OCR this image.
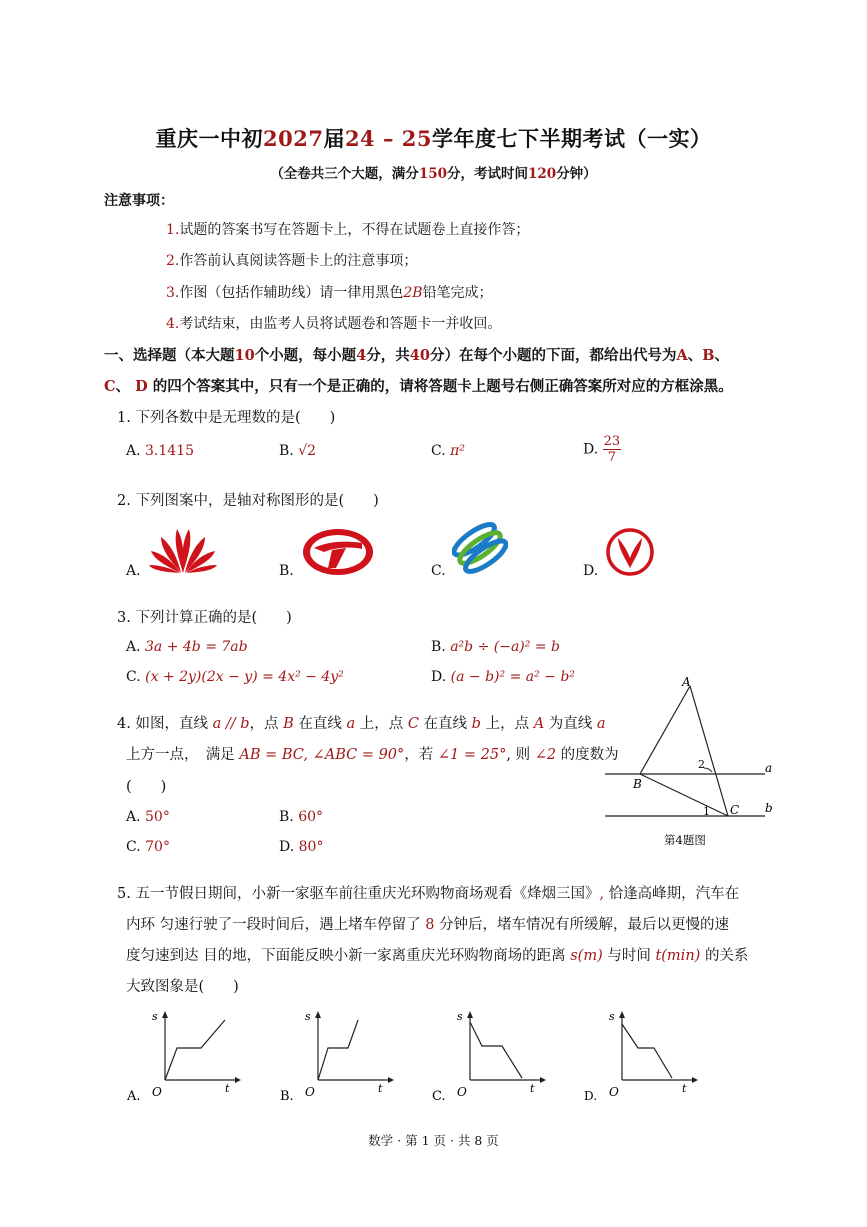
重庆一中初2027届24 – 25学年度七下半期考试（一实）
（全卷共三个大题，满分150分，考试时间120分钟）
注意事项：
1.试题的答案书写在答题卡上，不得在试题卷上直接作答；
2.作答前认真阅读答题卡上的注意事项；
3.作图（包括作辅助线）请一律用黑色2B铅笔完成；
4.考试结束，由监考人员将试题卷和答题卡一并收回。
一、选择题（本大题10个小题，每小题4分，共40分）在每个小题的下面，都给出代号为A、B、
C、 D 的四个答案其中，只有一个是正确的，请将答题卡上题号右侧正确答案所对应的方框涂黑。
1. 下列各数中是无理数的是(　　)
A. 3.1415	B. √2	C. π²	D. $\frac{23}{7}$
2. 下列图案中，是轴对称图形的是(　　)
A.	B.	C.	D.
3. 下列计算正确的是(　　)
A. 3a + 4b = 7ab	B. a²b ÷ (−a)² = b
C. (x + 2y)(2x − y) = 4x² − 4y²	D. (a − b)² = a² − b²
4. 如图，直线 a // b，点 B 在直线 a 上，点 C 在直线 b 上，点 A 为直线 a
上方一点，　满足 AB = BC, ∠ABC = 90°，若 ∠1 = 25°, 则 ∠2 的度数为
(　　)
A. 50°	B. 60°
C. 70°	D. 80°
A
B
C
a
b
2
1
第4题图
5. 五一节假日期间，小新一家驱车前往重庆光环购物商场观看《烽烟三国》, 恰逢高峰期，汽车在
内环 匀速行驶了一段时间后，遇上堵车停留了 8 分钟后，堵车情况有所缓解，最后以更慢的速
度匀速到达 目的地，下面能反映小新一家离重庆光环购物商场的距离 s(m) 与时间 t(min) 的关系
大致图象是(　　)
s
O	t
A.
s
O	t
B.
s
O	t
C.
s
O	t
D.
数学 · 第 1 页 · 共 8 页
